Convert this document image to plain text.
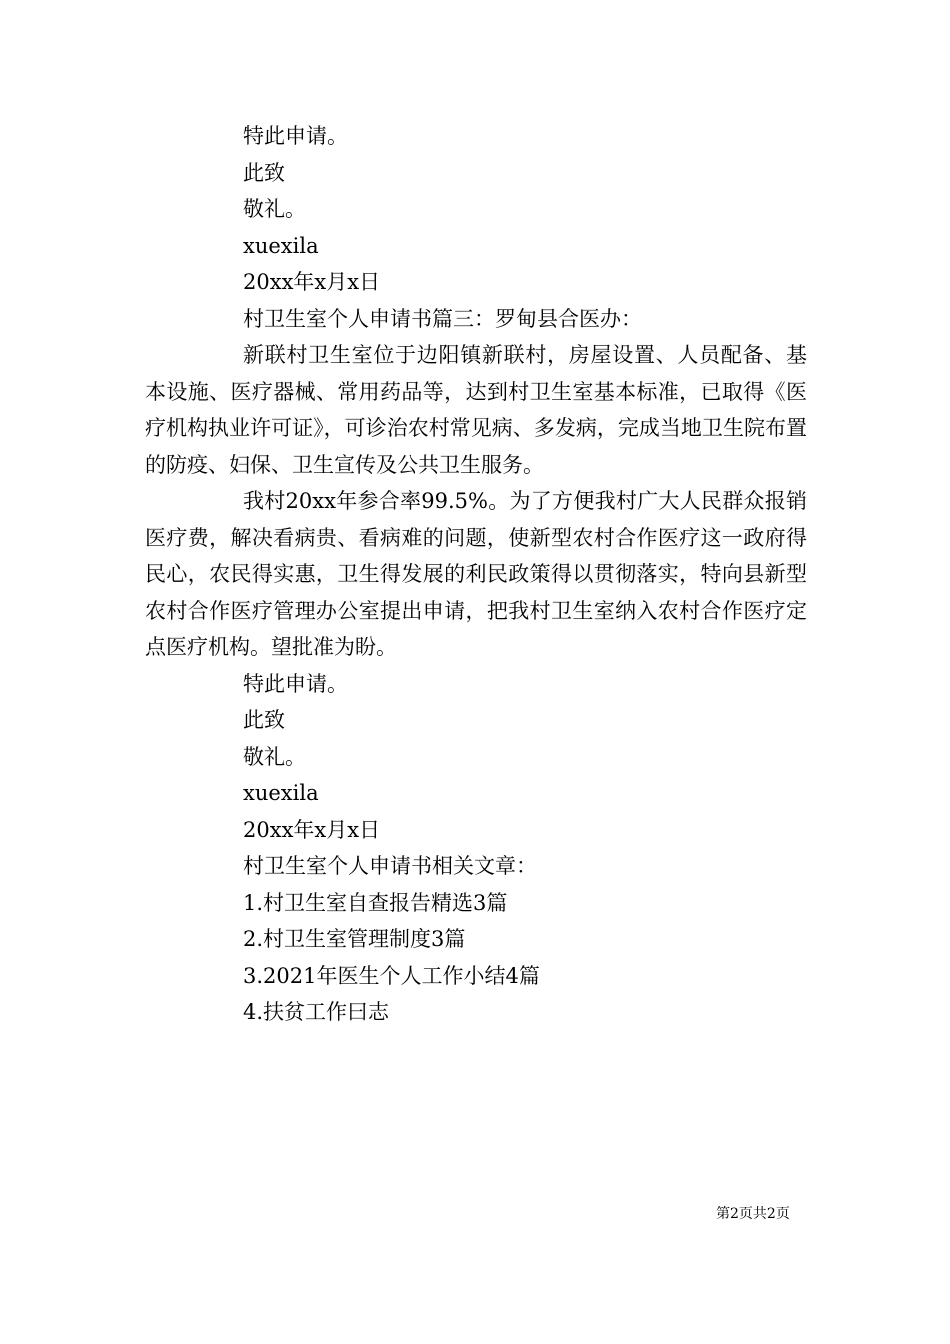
特此申请。

此致

敬礼。

xuexila

20xx年x月x日

村卫生室个人申请书篇三：罗甸县合医办：

新联村卫生室位于边阳镇新联村，房屋设置、人员配备、基本设施、医疗器械、常用药品等，达到村卫生室基本标准，已取得《医疗机构执业许可证》，可诊治农村常见病、多发病，完成当地卫生院布置的防疫、妇保、卫生宣传及公共卫生服务。

我村20xx年参合率99.5%。为了方便我村广大人民群众报销医疗费，解决看病贵、看病难的问题，使新型农村合作医疗这一政府得民心，农民得实惠，卫生得发展的利民政策得以贯彻落实，特向县新型农村合作医疗管理办公室提出申请，把我村卫生室纳入农村合作医疗定点医疗机构。望批准为盼。

特此申请。

此致

敬礼。

xuexila

20xx年x月x日

村卫生室个人申请书相关文章：

1.村卫生室自查报告精选3篇

2.村卫生室管理制度3篇

3.2021年医生个人工作小结4篇

4.扶贫工作曰志

第2页共2页
